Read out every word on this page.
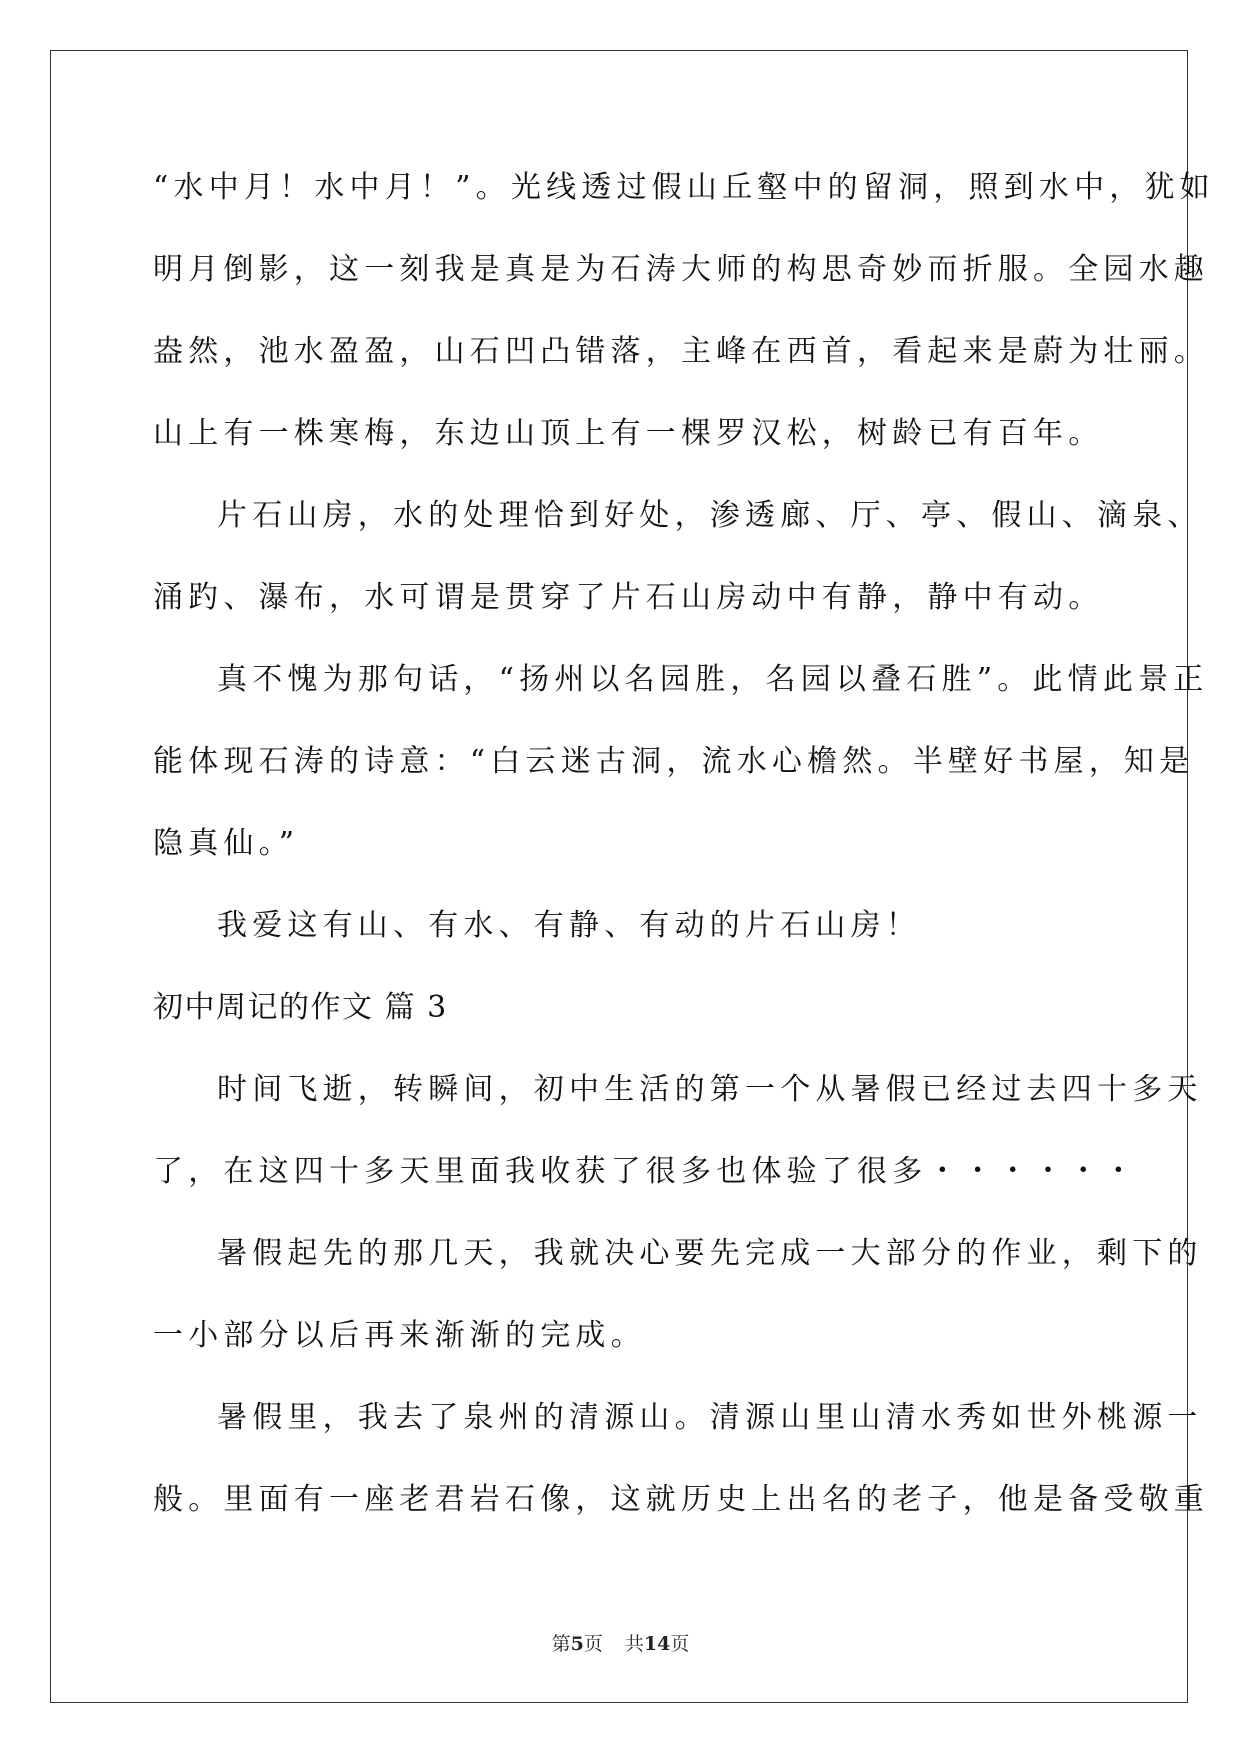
“水中月！水中月！”。光线透过假山丘壑中的留洞，照到水中，犹如
明月倒影，这一刻我是真是为石涛大师的构思奇妙而折服。全园水趣
盎然，池水盈盈，山石凹凸错落，主峰在西首，看起来是蔚为壮丽。
山上有一株寒梅，东边山顶上有一棵罗汉松，树龄已有百年。
片石山房，水的处理恰到好处，渗透廊、厅、亭、假山、滴泉、
涌趵、瀑布，水可谓是贯穿了片石山房动中有静，静中有动。
真不愧为那句话，“扬州以名园胜，名园以叠石胜”。此情此景正
能体现石涛的诗意：“白云迷古洞，流水心檐然。半壁好书屋，知是
隐真仙。”
我爱这有山、有水、有静、有动的片石山房！
初中周记的作文 篇 3
时间飞逝，转瞬间，初中生活的第一个从暑假已经过去四十多天
了，在这四十多天里面我收获了很多也体验了很多・・・・・・
暑假起先的那几天，我就决心要先完成一大部分的作业，剩下的
一小部分以后再来渐渐的完成。
暑假里，我去了泉州的清源山。清源山里山清水秀如世外桃源一
般。里面有一座老君岩石像，这就历史上出名的老子，他是备受敬重
第5页 共14页
